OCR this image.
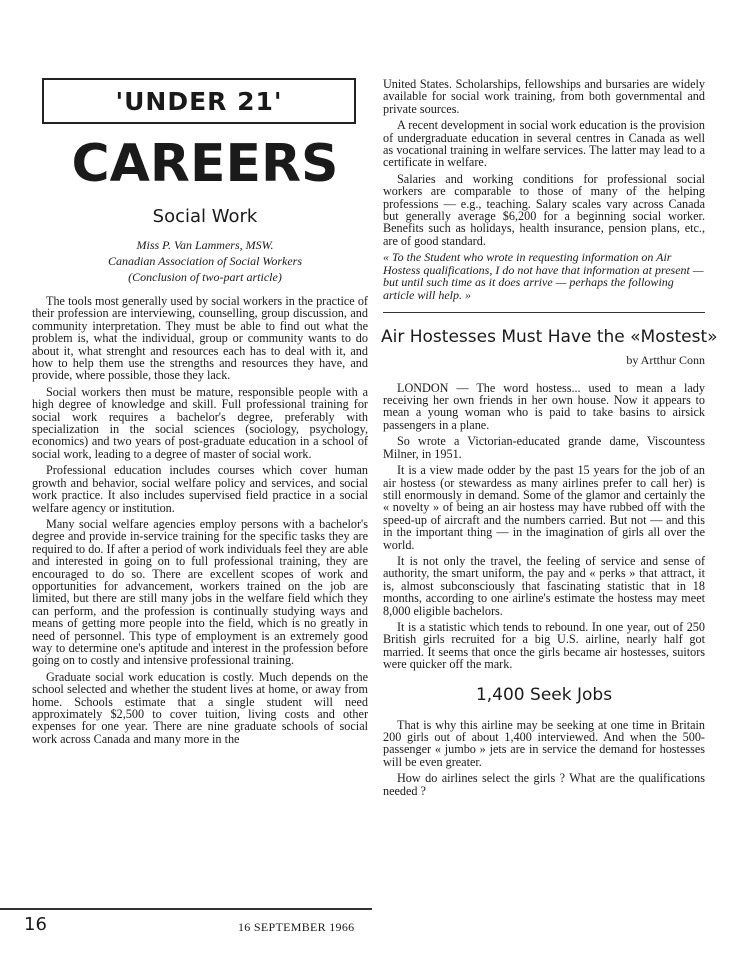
'UNDER 21'
CAREERS
Social Work
Miss P. Van Lammers, MSW.
Canadian Association of Social Workers
(Conclusion of two-part article)

The tools most generally used by social workers in the practice of their profession are interviewing, counselling, group discussion, and community interpretation. They must be able to find out what the problem is, what the individual, group or community wants to do about it, what strenght and resources each has to deal with it, and how to help them use the strengths and resources they have, and provide, where possible, those they lack.

Social workers then must be mature, responsible people with a high degree of knowledge and skill. Full professional training for social work requires a bachelor's degree, preferably with specialization in the social sciences (sociology, psychology, economics) and two years of post-graduate education in a school of social work, leading to a degree of master of social work.

Professional education includes courses which cover human growth and behavior, social welfare policy and services, and social work practice. It also includes supervised field practice in a social welfare agency or institution.

Many social welfare agencies employ persons with a bachelor's degree and provide in-service training for the specific tasks they are required to do. If after a period of work individuals feel they are able and interested in going on to full professional training, they are encouraged to do so. There are excellent scopes of work and opportunities for advancement, workers trained on the job are limited, but there are still many jobs in the welfare field which they can perform, and the profession is continually studying ways and means of getting more people into the field, which is no greatly in need of personnel. This type of employment is an extremely good way to determine one's aptitude and interest in the profession before going on to costly and intensive professional training.

Graduate social work education is costly. Much depends on the school selected and whether the student lives at home, or away from home. Schools estimate that a single student will need approximately $2,500 to cover tuition, living costs and other expenses for one year. There are nine graduate schools of social work across Canada and many more in the

United States. Scholarships, fellowships and bursaries are widely available for social work training, from both governmental and private sources.

A recent development in social work education is the provision of undergraduate education in several centres in Canada as well as vocational training in welfare services. The latter may lead to a certificate in welfare.

Salaries and working conditions for professional social workers are comparable to those of many of the helping professions — e.g., teaching. Salary scales vary across Canada but generally average $6,200 for a beginning social worker. Benefits such as holidays, health insurance, pension plans, etc., are of good standard.

« To the Student who wrote in requesting information on Air Hostess qualifications, I do not have that information at present — but until such time as it does arrive — perhaps the following article will help. »

Air Hostesses Must Have the «Mostest»
by Artthur Conn

LONDON — The word hostess... used to mean a lady receiving her own friends in her own house. Now it appears to mean a young woman who is paid to take basins to airsick passengers in a plane.

So wrote a Victorian-educated grande dame, Viscountess Milner, in 1951.

It is a view made odder by the past 15 years for the job of an air hostess (or stewardess as many airlines prefer to call her) is still enormously in demand. Some of the glamor and certainly the « novelty » of being an air hostess may have rubbed off with the speed-up of aircraft and the numbers carried. But not — and this in the important thing — in the imagination of girls all over the world.

It is not only the travel, the feeling of service and sense of authority, the smart uniform, the pay and « perks » that attract, it is, almost subconsciously that fascinating statistic that in 18 months, according to one airline's estimate the hostess may meet 8,000 eligible bachelors.

It is a statistic which tends to rebound. In one year, out of 250 British girls recruited for a big U.S. airline, nearly half got married. It seems that once the girls became air hostesses, suitors were quicker off the mark.

1,400 Seek Jobs

That is why this airline may be seeking at one time in Britain 200 girls out of about 1,400 interviewed. And when the 500-passenger « jumbo » jets are in service the demand for hostesses will be even greater.

How do airlines select the girls ? What are the qualifications needed ?

16	16 SEPTEMBER 1966
